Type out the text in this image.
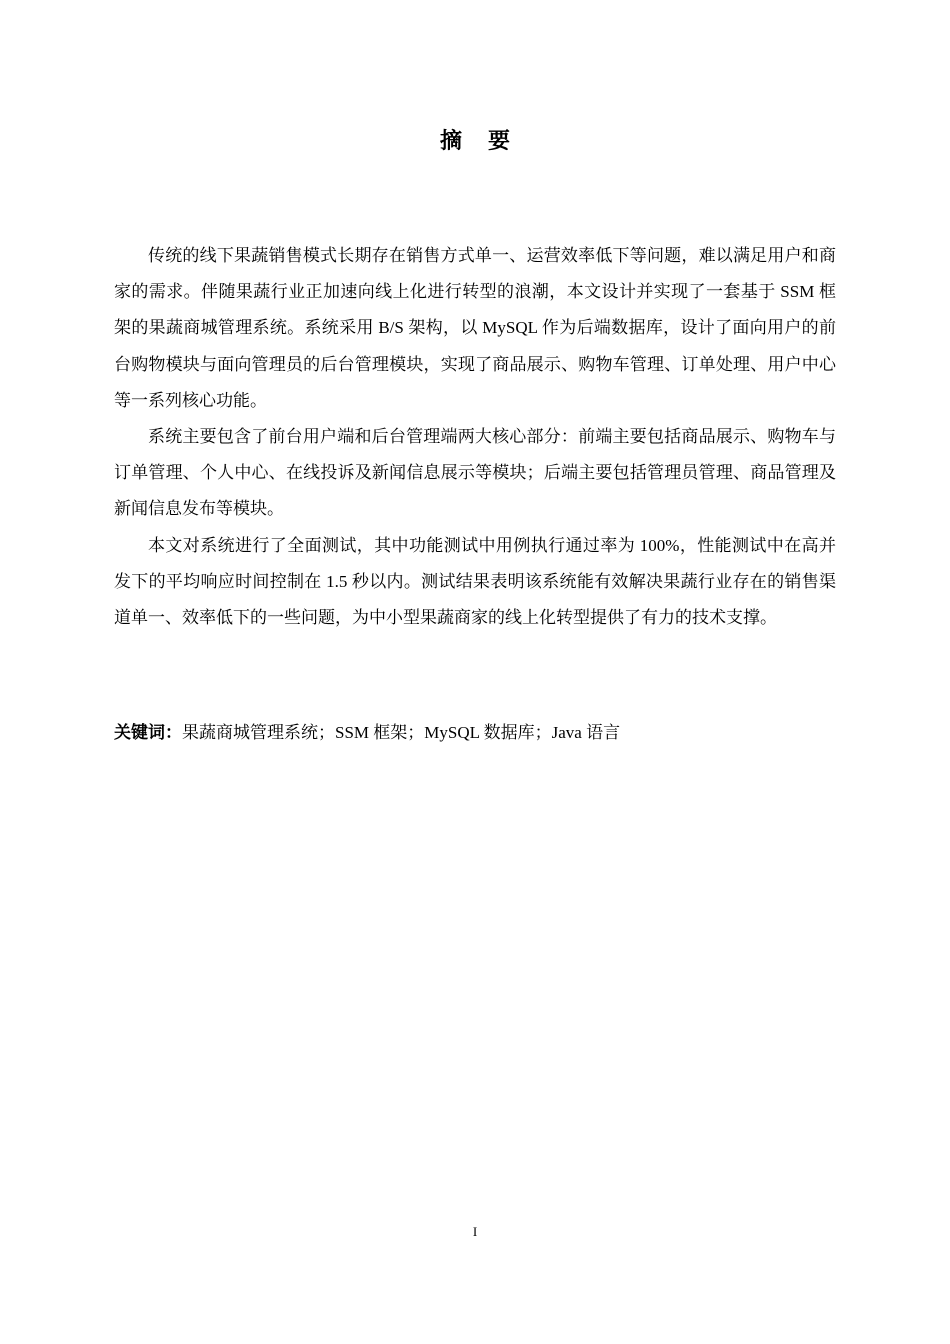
摘 要

传统的线下果蔬销售模式长期存在销售方式单一、运营效率低下等问题，难以满足用户和商家的需求。伴随果蔬行业正加速向线上化进行转型的浪潮，本文设计并实现了一套基于 SSM 框架的果蔬商城管理系统。系统采用 B/S 架构，以 MySQL 作为后端数据库，设计了面向用户的前台购物模块与面向管理员的后台管理模块，实现了商品展示、购物车管理、订单处理、用户中心等一系列核心功能。

系统主要包含了前台用户端和后台管理端两大核心部分：前端主要包括商品展示、购物车与订单管理、个人中心、在线投诉及新闻信息展示等模块；后端主要包括管理员管理、商品管理及新闻信息发布等模块。

本文对系统进行了全面测试，其中功能测试中用例执行通过率为 100%，性能测试中在高并发下的平均响应时间控制在 1.5 秒以内。测试结果表明该系统能有效解决果蔬行业存在的销售渠道单一、效率低下的一些问题，为中小型果蔬商家的线上化转型提供了有力的技术支撑。

关键词：果蔬商城管理系统；SSM 框架；MySQL 数据库；Java 语言
I
